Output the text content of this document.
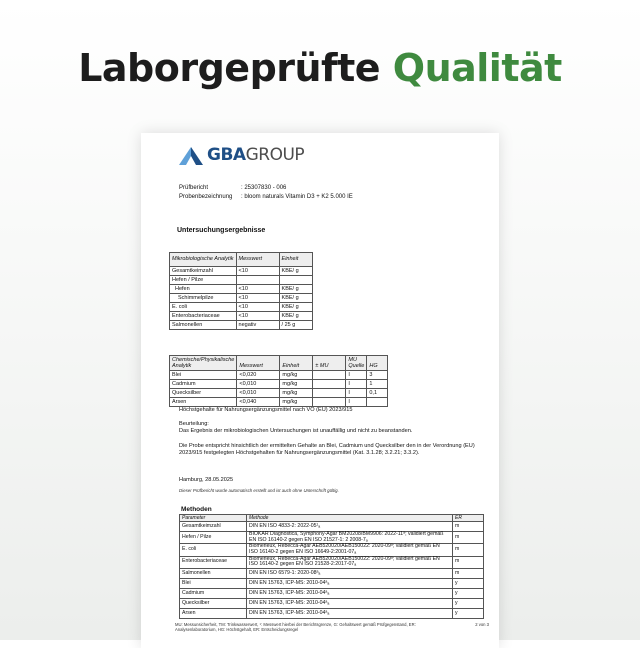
Laborgeprüfte Qualität
GBA GROUP
Prüfbericht	: 25307830 - 006
Probenbezeichnung	: bloom naturals Vitamin D3 + K2 5.000 IE
Untersuchungsergebnisse
Mikrobiologische Analytik	Messwert	Einheit
Gesamtkeimzahl	<10	KBE/ g
Hefen / Pilze		
Hefen	<10	KBE/ g
Schimmelpilze	<10	KBE/ g
E. coli	<10	KBE/ g
Enterobacteriaceae	<10	KBE/ g
Salmonellen	negativ	/ 25 g
Chemische/Physikalische Analytik	Messwert	Einheit	± MU	MU Quelle	HG
Blei	<0,020	mg/kg		I	3
Cadmium	<0,010	mg/kg		I	1
Quecksilber	<0,010	mg/kg		I	0,1
Arsen	<0,040	mg/kg		I	
Höchstgehalte für Nahrungsergänzungsmittel nach VO (EU) 2023/915
Beurteilung:
Das Ergebnis der mikrobiologischen Untersuchungen ist unauffällig und nicht zu beanstanden.
Die Probe entspricht hinsichtlich der ermittelten Gehalte an Blei, Cadmium und Quecksilber den in der Verordnung (EU) 2023/915 festgelegten Höchstgehalten für Nahrungsergänzungsmittel (Kat. 3.1.28; 3.2.21; 3.3.2).
Hamburg, 28.05.2025
Dieser Prüfbericht wurde automatisch erstellt und ist auch ohne Unterschrift gültig.
Methoden
Parameter	Methode	ER
Gesamtkeimzahl	DIN EN ISO 4833-2: 2022-05¹ₐ	m
Hefen / Pilze	BIOKAR Diagnostica, Symphony-Agar BM20208/BM9906: 2022-11ᵃ; validiert gemäß EN ISO 16140-2 gegen EN ISO 21527-1: 2 2008-7ₐ	m
E. coli	Biomerieux, Rebecca-Agar AEB520020/AEB150022: 2020-09ᵃ; validiert gemäß EN ISO 16140-2 gegen EN ISO 16649-2:2001-07ₐ	m
Enterobacteriaceae	Biomerieux, Rebecca-Agar AEB520020/AEB150022: 2020-09ᵃ; validiert gemäß EN ISO 16140-2 gegen EN ISO 21528-2:2017-07ₐ	m
Salmonellen	DIN EN ISO 6579-1: 2020-08ᵃₐ	m
Blei	DIN EN 15763, ICP-MS: 2010-04ᵃₐ	y
Cadmium	DIN EN 15763, ICP-MS: 2010-04ᵃₐ	y
Quecksilber	DIN EN 15763, ICP-MS: 2010-04ᵃₐ	y
Arsen	DIN EN 15763, ICP-MS: 2010-04ᵃₐ	y
MU: Messunsicherheit, TM: Trinkwasserwert, ¹: Messwert hierbei der Berichtsgrenze, G: Gehaltswert gemäß Prüfgegenstand, ER: Analysenlaboratorium, HG: Höchstgehalt, ER: Entscheidungsregel
2 von 3
